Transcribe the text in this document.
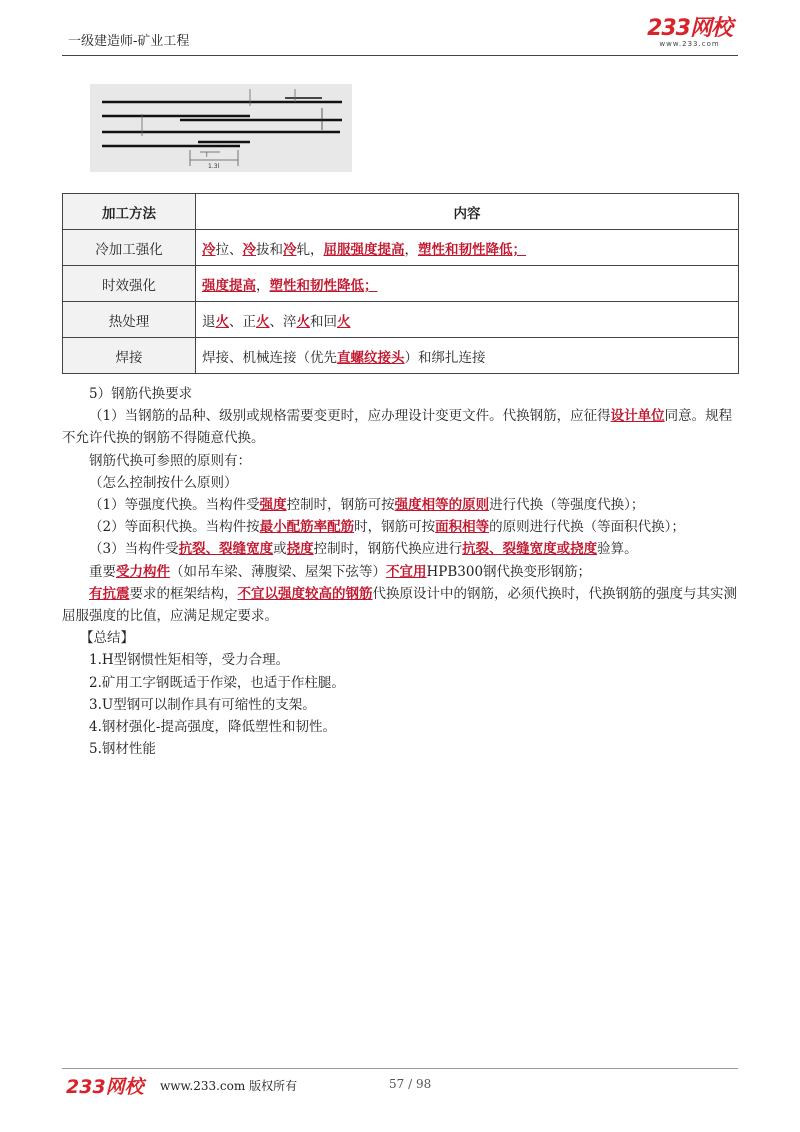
一级建造师-矿业工程
233网校
www.233.com
l
1.3l
加工方法	内容
冷加工强化	冷拉、冷拔和冷轧，屈服强度提高，塑性和韧性降低；
时效强化	强度提高，塑性和韧性降低；
热处理	退火、正火、淬火和回火
焊接	焊接、机械连接（优先直螺纹接头）和绑扎连接

5）钢筋代换要求

（1）当钢筋的品种、级别或规格需要变更时，应办理设计变更文件。代换钢筋，应征得设计单位同意。规程不允许代换的钢筋不得随意代换。

钢筋代换可参照的原则有：

（怎么控制按什么原则）

（1）等强度代换。当构件受强度控制时，钢筋可按强度相等的原则进行代换（等强度代换）；

（2）等面积代换。当构件按最小配筋率配筋时，钢筋可按面积相等的原则进行代换（等面积代换）；

（3）当构件受抗裂、裂缝宽度或挠度控制时，钢筋代换应进行抗裂、裂缝宽度或挠度验算。

重要受力构件（如吊车梁、薄腹梁、屋架下弦等）不宜用HPB300钢代换变形钢筋；

有抗震要求的框架结构，不宜以强度较高的钢筋代换原设计中的钢筋，必须代换时，代换钢筋的强度与其实测屈服强度的比值，应满足规定要求。

【总结】

1.H型钢惯性矩相等，受力合理。

2.矿用工字钢既适于作梁，也适于作柱腿。

3.U型钢可以制作具有可缩性的支架。

4.钢材强化-提高强度，降低塑性和韧性。

5.钢材性能

233网校 www.233.com 版权所有	57 / 98
